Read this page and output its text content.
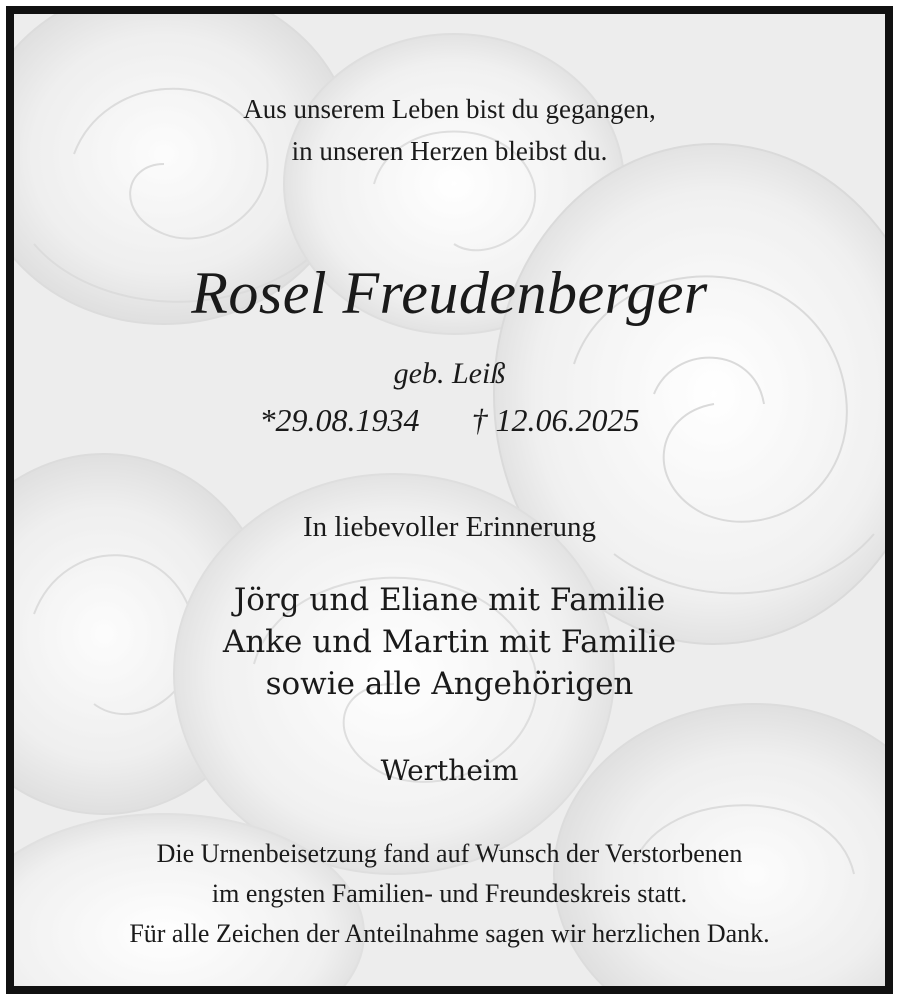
Aus unserem Leben bist du gegangen,
in unseren Herzen bleibst du.
Rosel Freudenberger
geb. Leiß
*29.08.1934 † 12.06.2025
In liebevoller Erinnerung
Jörg und Eliane mit Familie
Anke und Martin mit Familie
sowie alle Angehörigen
Wertheim
Die Urnenbeisetzung fand auf Wunsch der Verstorbenen
im engsten Familien- und Freundeskreis statt.
Für alle Zeichen der Anteilnahme sagen wir herzlichen Dank.
